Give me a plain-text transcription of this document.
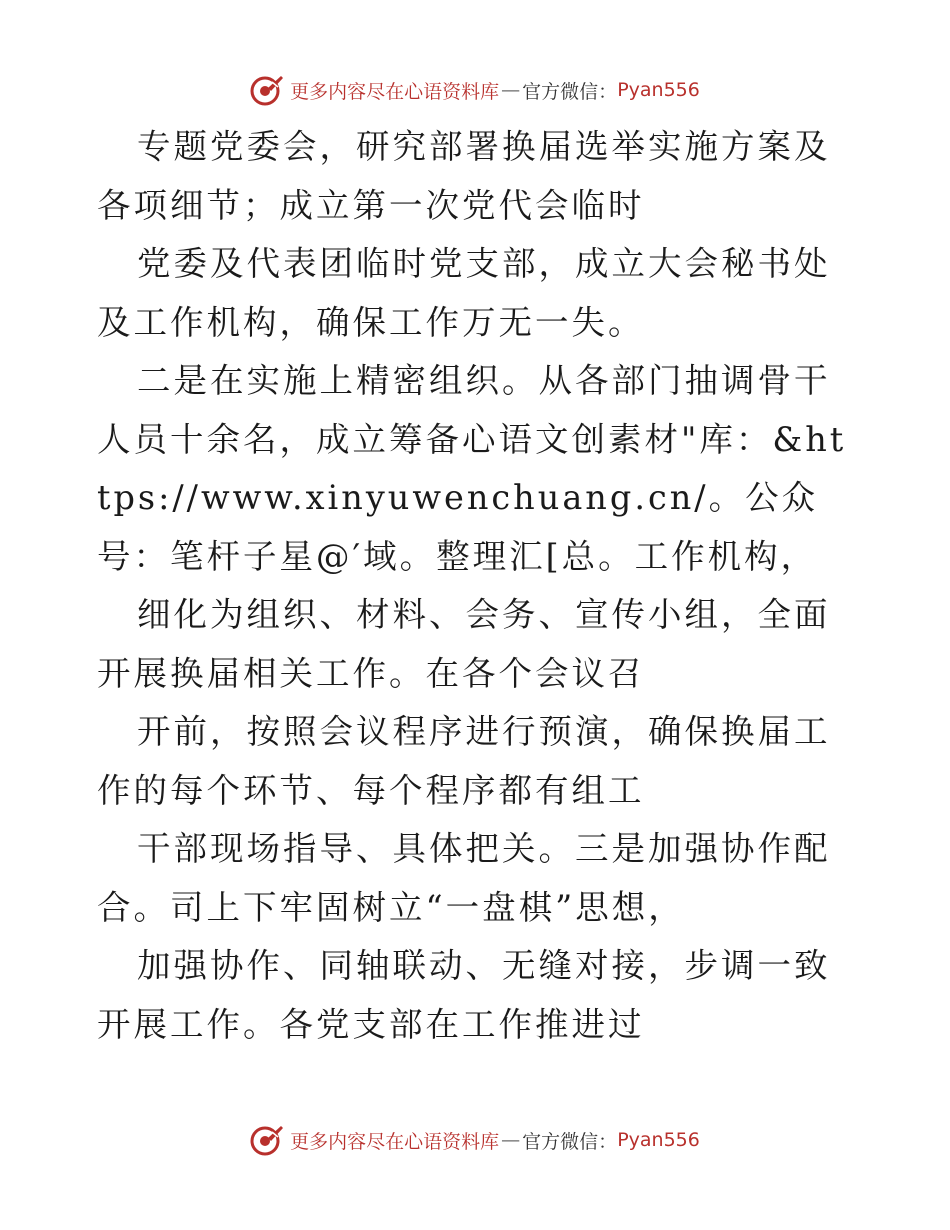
更多内容尽在心语资料库 — 官方微信： Pyan556

专题党委会，研究部署换届选举实施方案及各项细节；成立第一次党代会临时

党委及代表团临时党支部，成立大会秘书处及工作机构，确保工作万无一失。

二是在实施上精密组织。从各部门抽调骨干人员十余名，成立筹备心语文创素材"库：&https://www.xinyuwenchuang.cn/。公众号：笔杆子星@′域。整理汇[总。工作机构，

细化为组织、材料、会务、宣传小组，全面开展换届相关工作。在各个会议召

开前，按照会议程序进行预演，确保换届工作的每个环节、每个程序都有组工

干部现场指导、具体把关。三是加强协作配合。司上下牢固树立“一盘棋”思想，

加强协作、同轴联动、无缝对接，步调一致开展工作。各党支部在工作推进过

更多内容尽在心语资料库 — 官方微信： Pyan556
